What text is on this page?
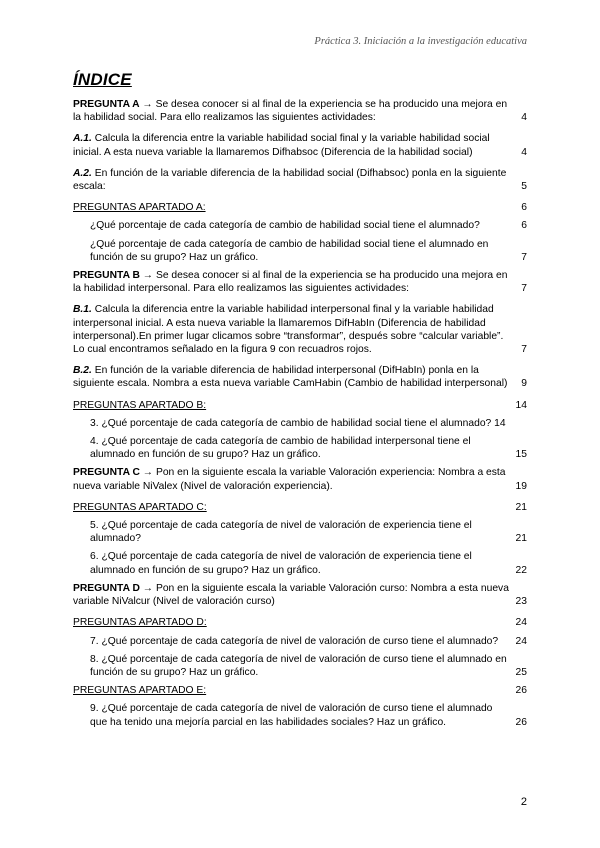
Práctica 3. Iniciación a la investigación educativa
ÍNDICE
PREGUNTA A → Se desea conocer si al final de la experiencia se ha producido una mejora en la habilidad social. Para ello realizamos las siguientes actividades:	4
A.1. Calcula la diferencia entre la variable habilidad social final y la variable habilidad social inicial. A esta nueva variable la llamaremos Difhabsoc (Diferencia de la habilidad social)	4
A.2. En función de la variable diferencia de la habilidad social (Difhabsoc) ponla en la siguiente escala:	5
PREGUNTAS APARTADO A:	6
¿Qué porcentaje de cada categoría de cambio de habilidad social tiene el alumnado?	6
¿Qué porcentaje de cada categoría de cambio de habilidad social tiene el alumnado en función de su grupo? Haz un gráfico.	7
PREGUNTA B → Se desea conocer si al final de la experiencia se ha producido una mejora en la habilidad interpersonal. Para ello realizamos las siguientes actividades:	7
B.1. Calcula la diferencia entre la variable habilidad interpersonal final y la variable habilidad interpersonal inicial. A esta nueva variable la llamaremos DifHabIn (Diferencia de habilidad interpersonal).En primer lugar clicamos sobre “transformar”, después sobre “calcular variable”. Lo cual encontramos señalado en la figura 9 con recuadros rojos.	7
B.2. En función de la variable diferencia de habilidad interpersonal (DifHabIn) ponla en la siguiente escala. Nombra a esta nueva variable CamHabin (Cambio de habilidad interpersonal) 9
PREGUNTAS APARTADO B:	14
3. ¿Qué porcentaje de cada categoría de cambio de habilidad social tiene el alumnado? 14
4. ¿Qué porcentaje de cada categoría de cambio de habilidad interpersonal tiene el alumnado en función de su grupo? Haz un gráfico.	15
PREGUNTA C → Pon en la siguiente escala la variable Valoración experiencia: Nombra a esta nueva variable NiValex (Nivel de valoración experiencia).	19
PREGUNTAS APARTADO C:	21
5. ¿Qué porcentaje de cada categoría de nivel de valoración de experiencia tiene el alumnado?	21
6. ¿Qué porcentaje de cada categoría de nivel de valoración de experiencia tiene el alumnado en función de su grupo? Haz un gráfico.	22
PREGUNTA D → Pon en la siguiente escala la variable Valoración curso: Nombra a esta nueva variable NiValcur (Nivel de valoración curso)	23
PREGUNTAS APARTADO D:	24
7. ¿Qué porcentaje de cada categoría de nivel de valoración de curso tiene el alumnado? 24
8. ¿Qué porcentaje de cada categoría de nivel de valoración de curso tiene el alumnado en función de su grupo? Haz un gráfico.	25
PREGUNTAS APARTADO E:	26
9. ¿Qué porcentaje de cada categoría de nivel de valoración de curso tiene el alumnado que ha tenido una mejoría parcial en las habilidades sociales? Haz un gráfico.	26
2
